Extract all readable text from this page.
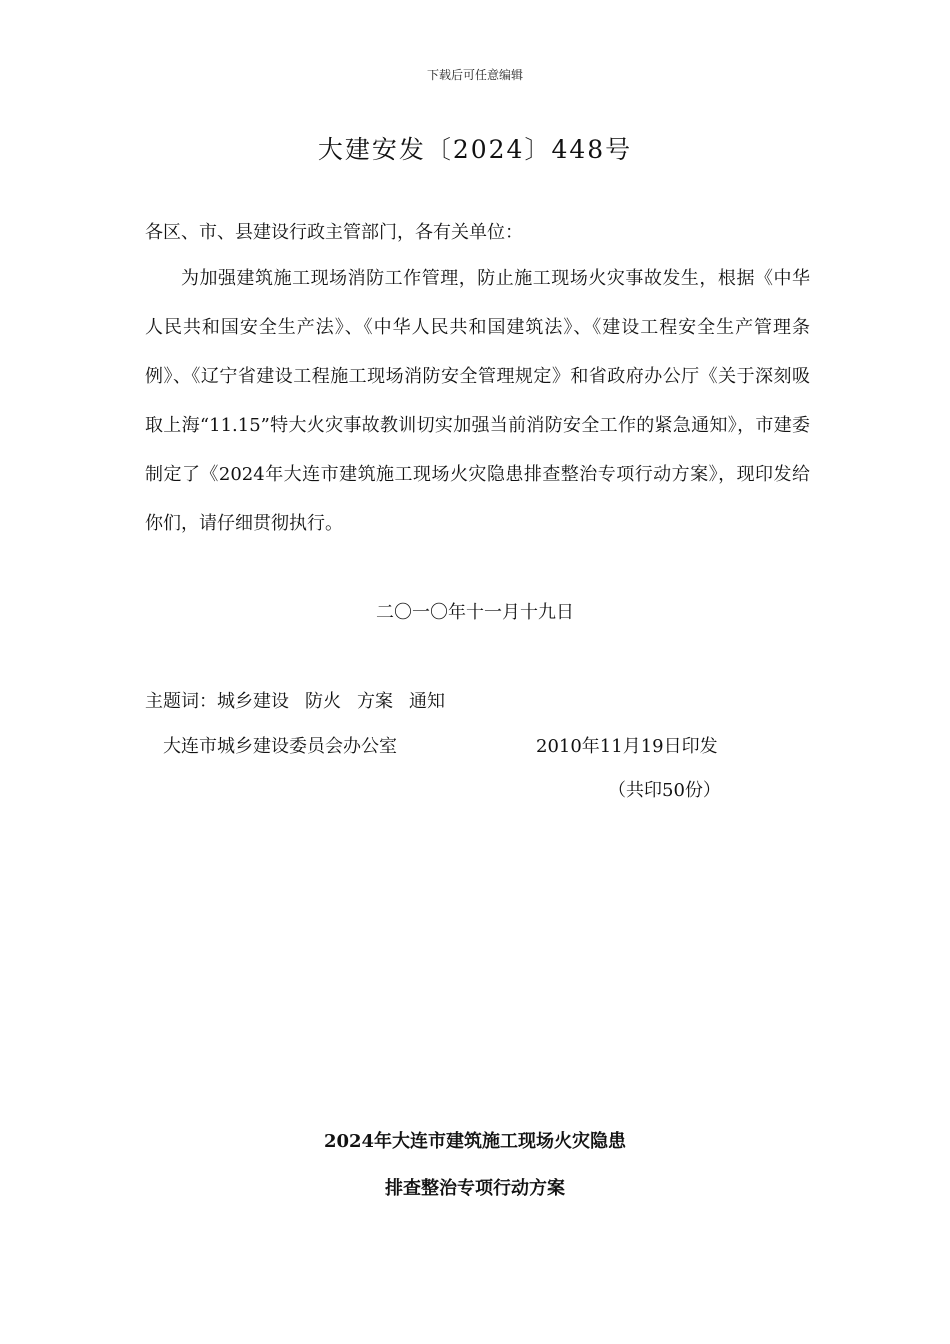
下载后可任意编辑
大建安发〔2024〕448号
各区、市、县建设行政主管部门，各有关单位：
为加强建筑施工现场消防工作管理，防止施工现场火灾事故发生，根据《中华人民共和国安全生产法》、《中华人民共和国建筑法》、《建设工程安全生产管理条例》、《辽宁省建设工程施工现场消防安全管理规定》和省政府办公厅《关于深刻吸取上海“11.15”特大火灾事故教训切实加强当前消防安全工作的紧急通知》，市建委制定了《2024年大连市建筑施工现场火灾隐患排查整治专项行动方案》，现印发给你们，请仔细贯彻执行。
二〇一〇年十一月十九日
主题词：城乡建设 防火 方案 通知
大连市城乡建设委员会办公室	2010年11月19日印发
（共印50份）
2024年大连市建筑施工现场火灾隐患
排查整治专项行动方案
